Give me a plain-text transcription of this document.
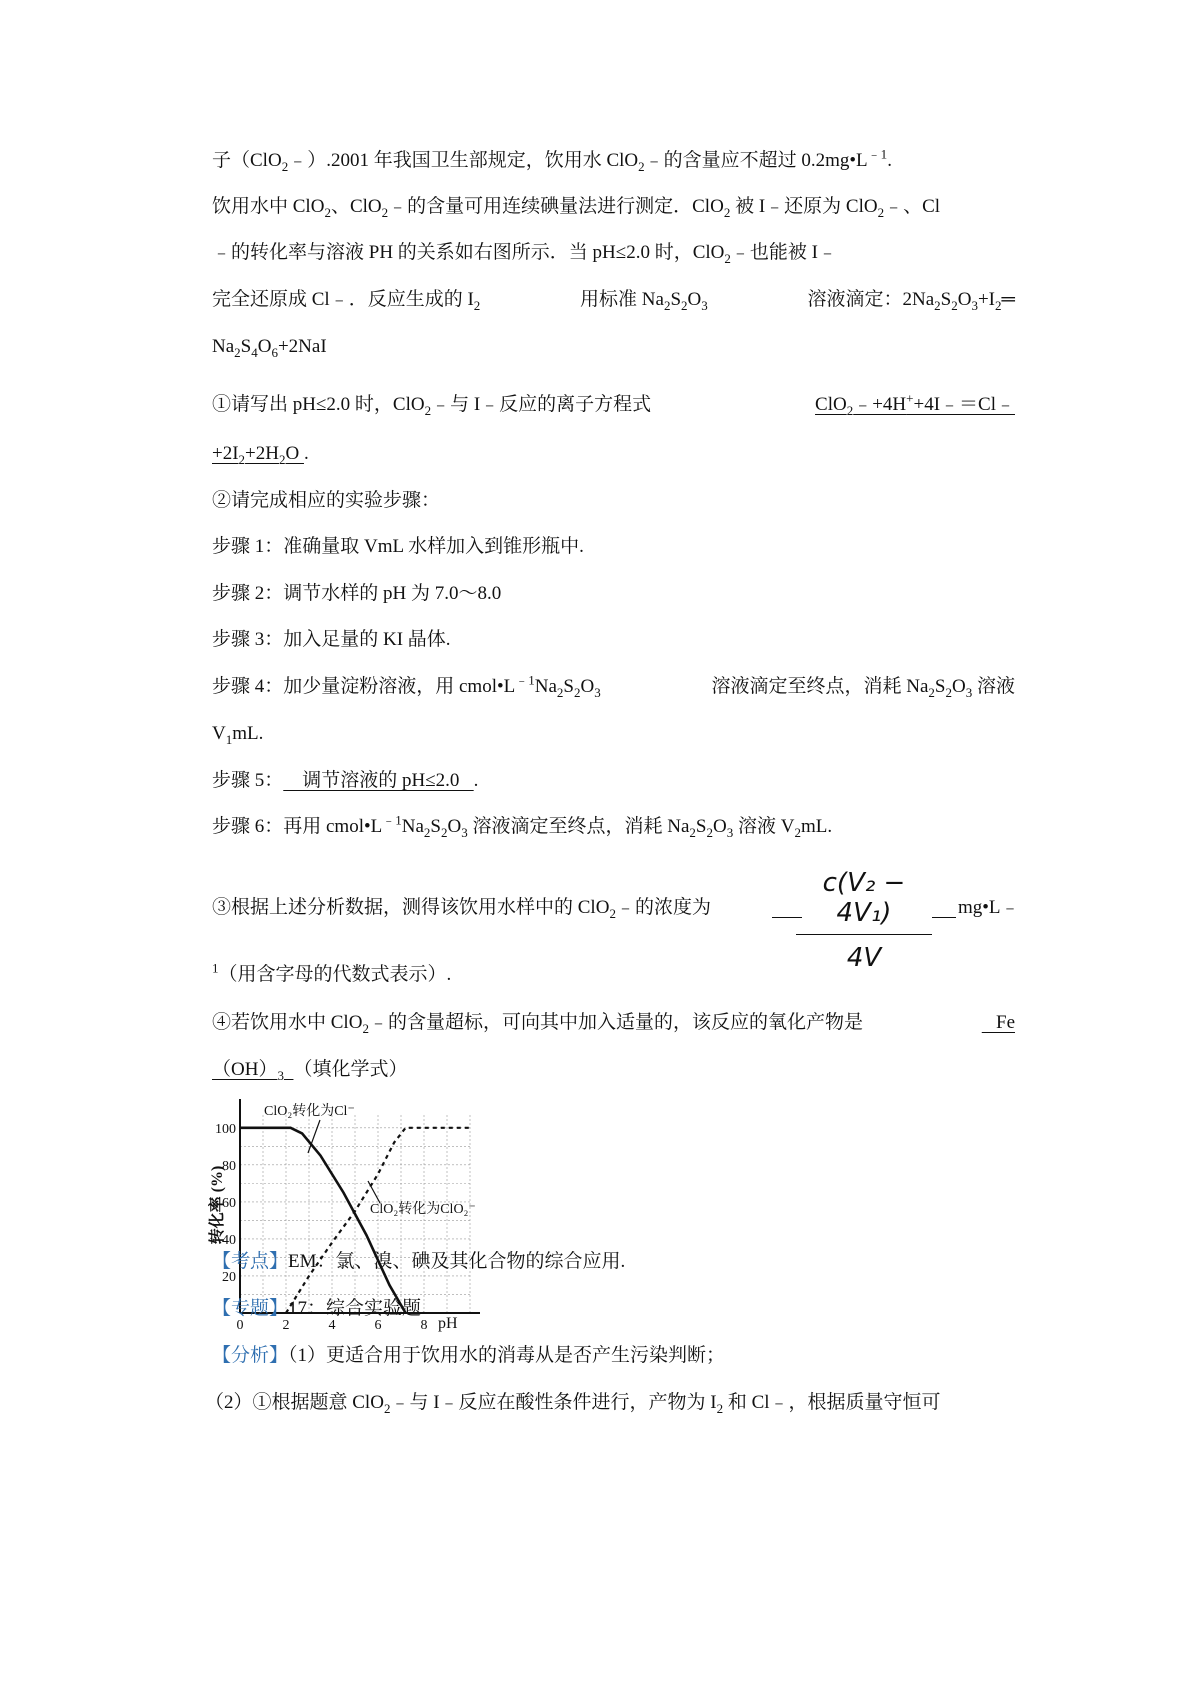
子（ClO$_2$﹣）.2001 年我国卫生部规定，饮用水 ClO$_2$﹣的含量应不超过 $0.2mg•L^{﹣1}$.
饮用水中 ClO$_2$、ClO$_2$﹣的含量可用连续碘量法进行测定．ClO$_2$ 被 I﹣还原为 ClO$_2$﹣、Cl
﹣的转化率与溶液 PH 的关系如右图所示．当 pH≤2.0 时，ClO$_2$﹣也能被 I﹣
完全还原成 Cl﹣．反应生成的 $I_2$	用标准 $Na_2S_2O_3$	溶液滴定：$2Na_2S_2O_3+I_2═$
$Na_2S_4O_6+2NaI$
①请写出 pH≤2.0 时，ClO$_2$﹣与 I﹣反应的离子方程式	ClO$_2$﹣+4H++4I﹣＝Cl﹣
$+2I_2+2H_2O$ .
②请完成相应的实验步骤：
步骤 1：准确量取 VmL 水样加入到锥形瓶中.
步骤 2：调节水样的 pH 为 7.0～8.0
步骤 3：加入足量的 KI 晶体.
步骤 4：加少量淀粉溶液，用 $cmol•L^{﹣1}Na_2S_2O_3$	溶液滴定至终点，消耗 $Na_2S_2O_3$ 溶液
$V_1mL$.
步骤 5：    调节溶液的 pH≤2.0   .
步骤 6：再用 $cmol•L^{﹣1}Na_2S_2O_3$ 溶液滴定至终点，消耗 $Na_2S_2O_3$ 溶液 $V_2mL$.
③根据上述分析数据，测得该饮用水样中的 ClO$_2$﹣的浓度为	mg•L﹣
c(V₂ − 4V₁)
4V
$^1$（用含字母的代数式表示）.
④若饮用水中 ClO$_2$﹣的含量超标，可向其中加入适量的，该反应的氧化产物是	Fe
$(OH)_3$ （填化学式）
0	2	4	6	8
20
40
60
80
100
转化率 (%)
pH
ClO₂转化为Cl⁻
ClO₂转化为ClO₂⁻
【考点】EM：氯、溴、碘及其化合物的综合应用.
【专题】17：综合实验题.
【分析】（1）更适合用于饮用水的消毒从是否产生污染判断；
（2）①根据题意 ClO$_2$﹣与 I﹣反应在酸性条件进行，产物为 $I_2$ 和 Cl﹣，根据质量守恒可
